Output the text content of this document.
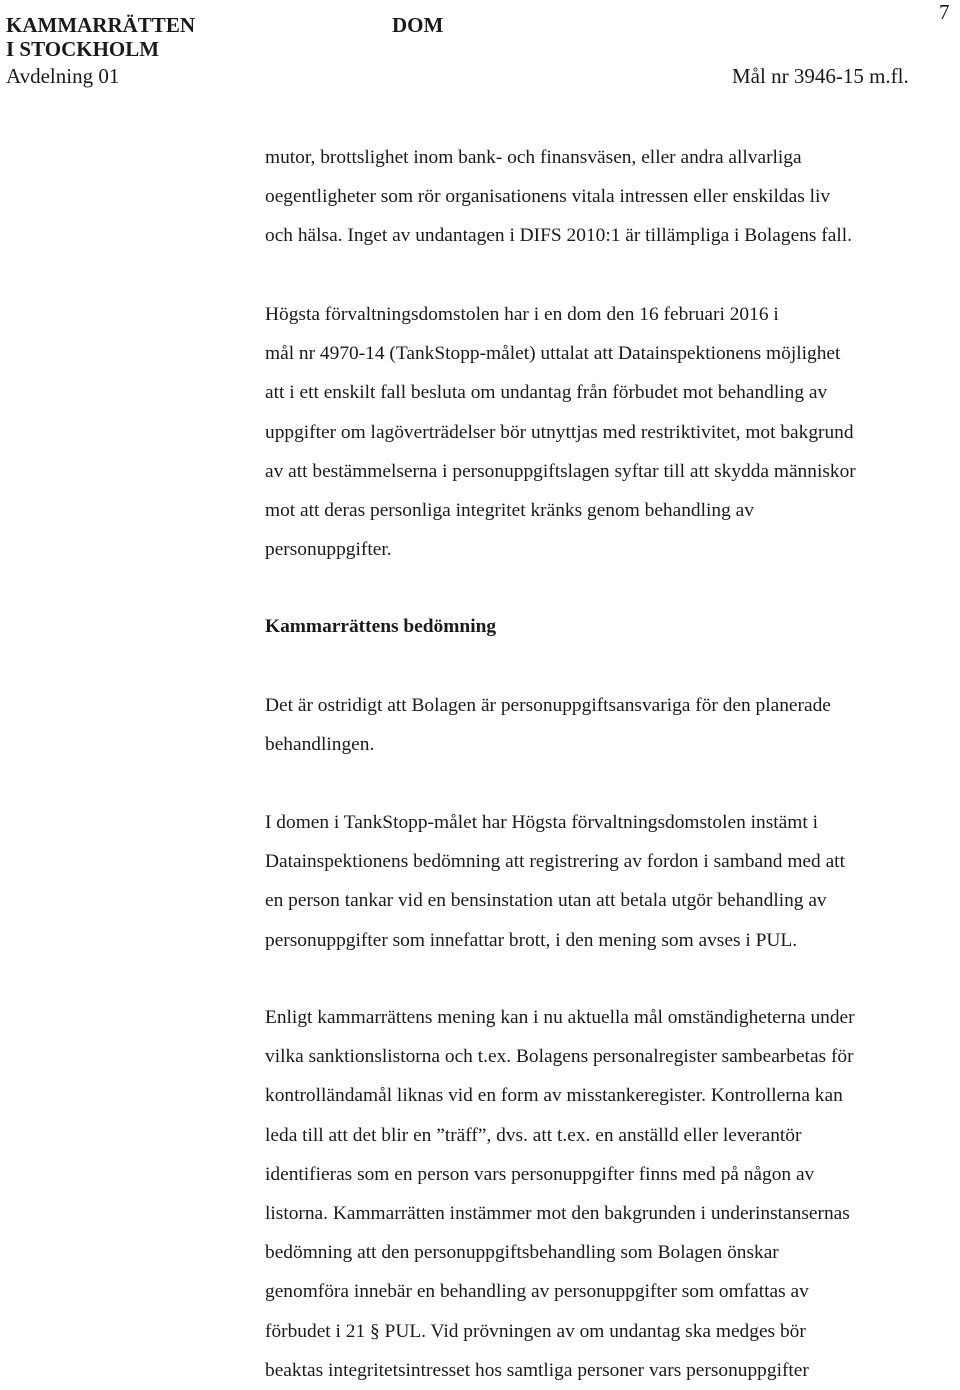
KAMMARRÄTTEN
I STOCKHOLM
Avdelning 01
DOM
7
Mål nr 3946-15 m.fl.

mutor, brottslighet inom bank- och finansväsen, eller andra allvarliga
oegentligheter som rör organisationens vitala intressen eller enskildas liv
och hälsa. Inget av undantagen i DIFS 2010:1 är tillämpliga i Bolagens fall.

Högsta förvaltningsdomstolen har i en dom den 16 februari 2016 i
mål nr 4970-14 (TankStopp-målet) uttalat att Datainspektionens möjlighet
att i ett enskilt fall besluta om undantag från förbudet mot behandling av
uppgifter om lagöverträdelser bör utnyttjas med restriktivitet, mot bakgrund
av att bestämmelserna i personuppgiftslagen syftar till att skydda människor
mot att deras personliga integritet kränks genom behandling av
personuppgifter.

Kammarrättens bedömning

Det är ostridigt att Bolagen är personuppgiftsansvariga för den planerade
behandlingen.

I domen i TankStopp-målet har Högsta förvaltningsdomstolen instämt i
Datainspektionens bedömning att registrering av fordon i samband med att
en person tankar vid en bensinstation utan att betala utgör behandling av
personuppgifter som innefattar brott, i den mening som avses i PUL.

Enligt kammarrättens mening kan i nu aktuella mål omständigheterna under
vilka sanktionslistorna och t.ex. Bolagens personalregister sambearbetas för
kontrolländamål liknas vid en form av misstankeregister. Kontrollerna kan
leda till att det blir en ”träff”, dvs. att t.ex. en anställd eller leverantör
identifieras som en person vars personuppgifter finns med på någon av
listorna. Kammarrätten instämmer mot den bakgrunden i underinstansernas
bedömning att den personuppgiftsbehandling som Bolagen önskar
genomföra innebär en behandling av personuppgifter som omfattas av
förbudet i 21 § PUL. Vid prövningen av om undantag ska medges bör
beaktas integritetsintresset hos samtliga personer vars personuppgifter
